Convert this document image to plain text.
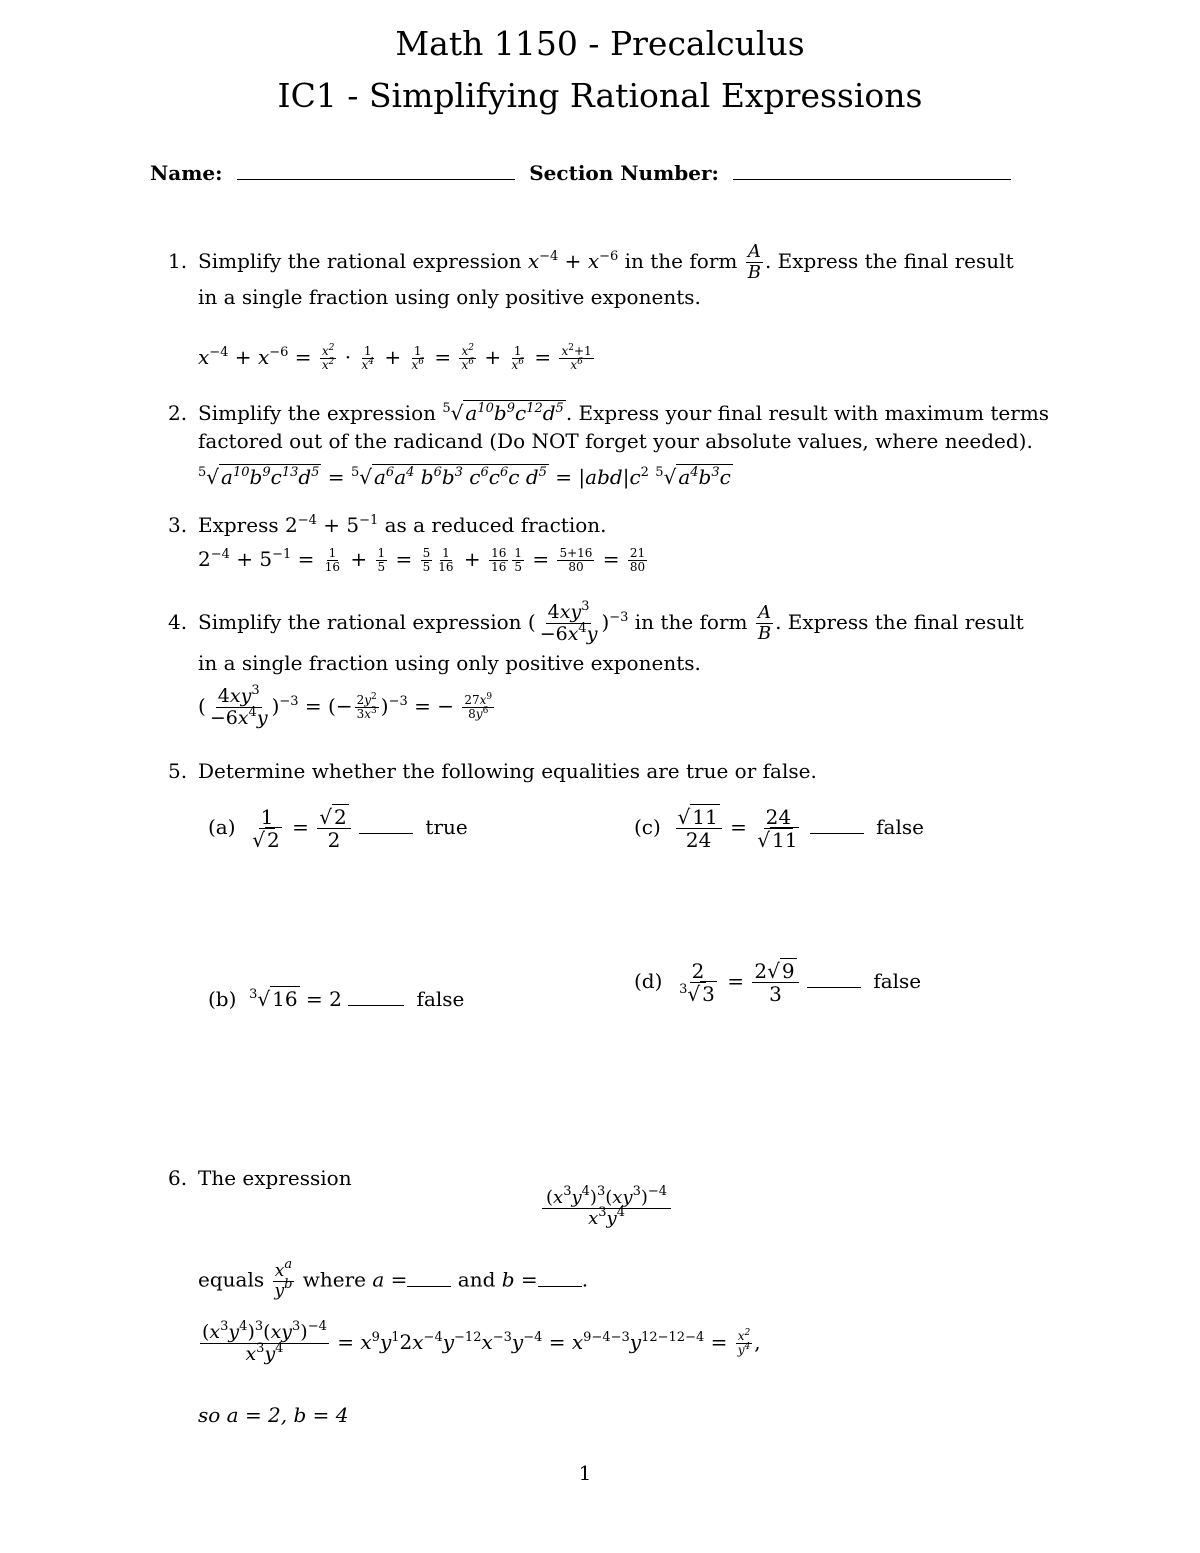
Math 1150 - Precalculus
IC1 - Simplifying Rational Expressions
Name:	Section Number:
1. Simplify the rational expression $x^{-4} + x^{-6}$ in the form $\frac{A}{B}$ . Express the final result
in a single fraction using only positive exponents.
$x^{-4} + x^{-6} = \frac{x^2}{x^2} \cdot \frac{1}{x^4} + \frac{1}{x^6} = \frac{x^2}{x^6} + \frac{1}{x^6} = \frac{x^2+1}{x^6}$
2. Simplify the expression $^5$√ $a^{10}b^9c^{12}d^5$ . Express your final result with maximum terms
factored out of the radicand (Do NOT forget your absolute values, where needed).
$^5$√ $a^{10}b^9c^{13}d^5 = ^5√$ $a^6a^4$ $b^6b^3$ $c^6c^6c$ $d^5 = |abd|c^2$ $^5$√ $a^4b^3c$
3. Express $2^{-4} + 5^{-1}$ as a reduced fraction.
$2^{-4} + 5^{-1} = \frac{1}{16} + \frac{1}{5} = \frac{5}{5} \frac{1}{16} + \frac{16}{16} \frac{1}{5} = \frac{5+16}{80} = \frac{21}{80}$
4. Simplify the rational expression ( $\frac{4xy^3}{-6x^4y} )^{-3}$ in the form $\frac{A}{B}$ . Express the final result
in a single fraction using only positive exponents.
( $\frac{4xy^3}{-6x^4y} )^{-3}$ = (− $\frac{2y^2}{3x^3} )^{-3}$ = − $\frac{27x^9}{8y^6}$
5. Determine whether the following equalities are true or false.
$(a) \frac{1}{√ 2} = \frac{√ 2}{2}$	true	$(c) \frac{√ 11}{24} = \frac{24}{√ 11}$	false
(b) $^3$√ 16 = 2	false
$(d) \frac{2}{^3√ 3} = \frac{2√ 9}{3}$	false
6. The expression
$\frac{(x^3y^4)^3(xy^3)^{-4}}{x^3y^4}$
equals $\frac{x^a}{y^b}$ where a =	and b = .
$\frac{(x^3y^4)^3(xy^3)^{-4}}{x^3y^4} = x^9y^12x^{-4}y^{-12}x^{-3}y^{-4} = x^{9-4-3}y^{12-12-4} = \frac{x^2}{y^4}$ ,
so a = 2, b = 4
1
